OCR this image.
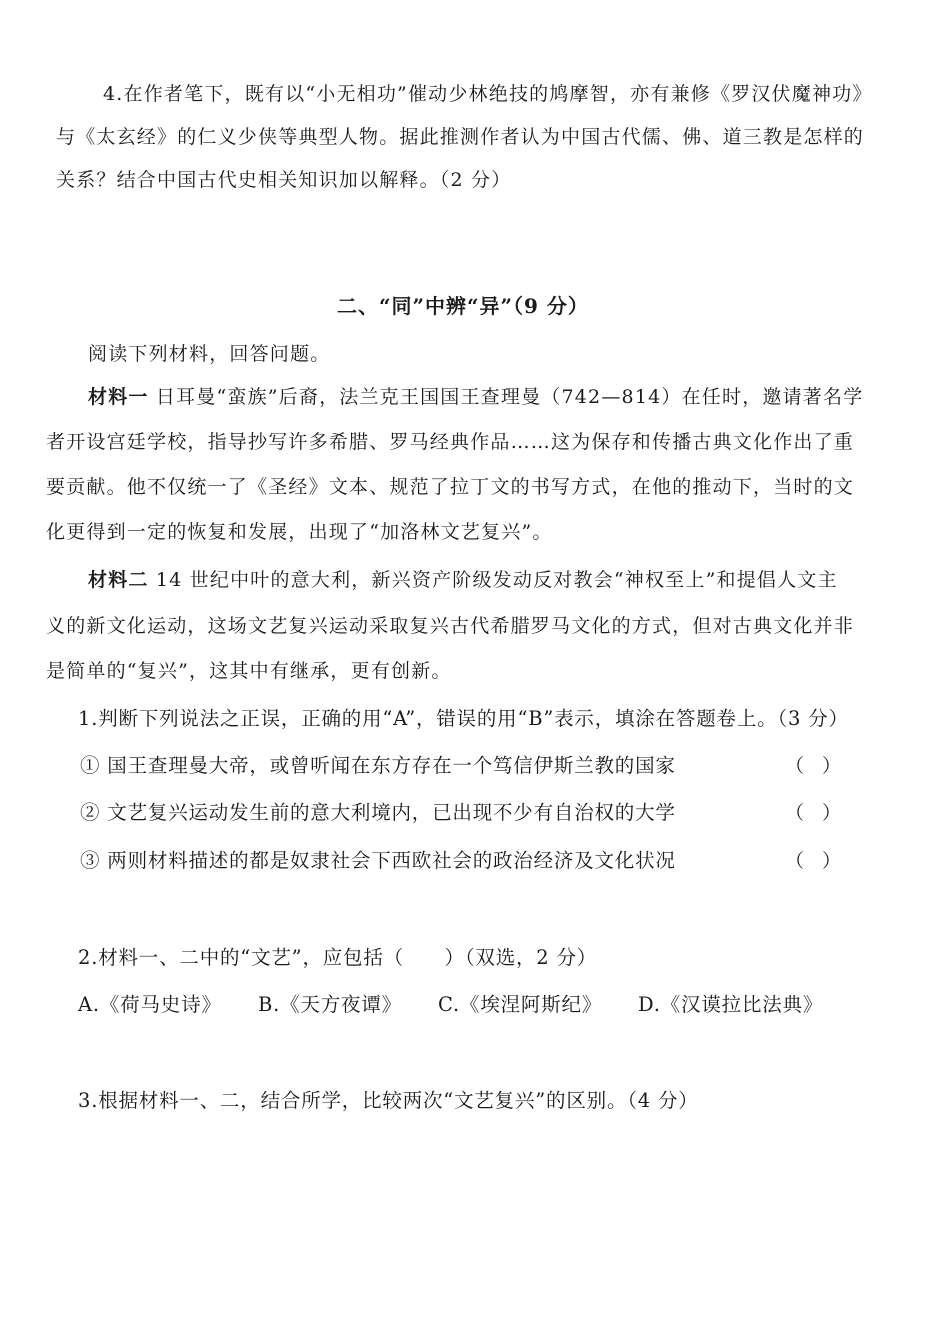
4.在作者笔下，既有以“小无相功”催动少林绝技的鸠摩智，亦有兼修《罗汉伏魔神功》
与《太玄经》的仁义少侠等典型人物。据此推测作者认为中国古代儒、佛、道三教是怎样的
关系？结合中国古代史相关知识加以解释。（2 分）
二、“同”中辨“异”（9 分）
阅读下列材料，回答问题。
材料一 日耳曼“蛮族”后裔，法兰克王国国王查理曼（742—814）在任时，邀请著名学
者开设宫廷学校，指导抄写许多希腊、罗马经典作品……这为保存和传播古典文化作出了重
要贡献。他不仅统一了《圣经》文本、规范了拉丁文的书写方式，在他的推动下，当时的文
化更得到一定的恢复和发展，出现了“加洛林文艺复兴”。
材料二 14 世纪中叶的意大利，新兴资产阶级发动反对教会“神权至上”和提倡人文主
义的新文化运动，这场文艺复兴运动采取复兴古代希腊罗马文化的方式，但对古典文化并非
是简单的“复兴”，这其中有继承，更有创新。
1.判断下列说法之正误，正确的用“A”，错误的用“B”表示，填涂在答题卷上。（3 分）
① 国王查理曼大帝，或曾听闻在东方存在一个笃信伊斯兰教的国家	（）
② 文艺复兴运动发生前的意大利境内，已出现不少有自治权的大学	（）
③ 两则材料描述的都是奴隶社会下西欧社会的政治经济及文化状况	（）
2.材料一、二中的“文艺”，应包括（　　）（双选，2 分）
A.《荷马史诗》 B.《天方夜谭》 C.《埃涅阿斯纪》 D.《汉谟拉比法典》
3.根据材料一、二，结合所学，比较两次“文艺复兴”的区别。（4 分）
